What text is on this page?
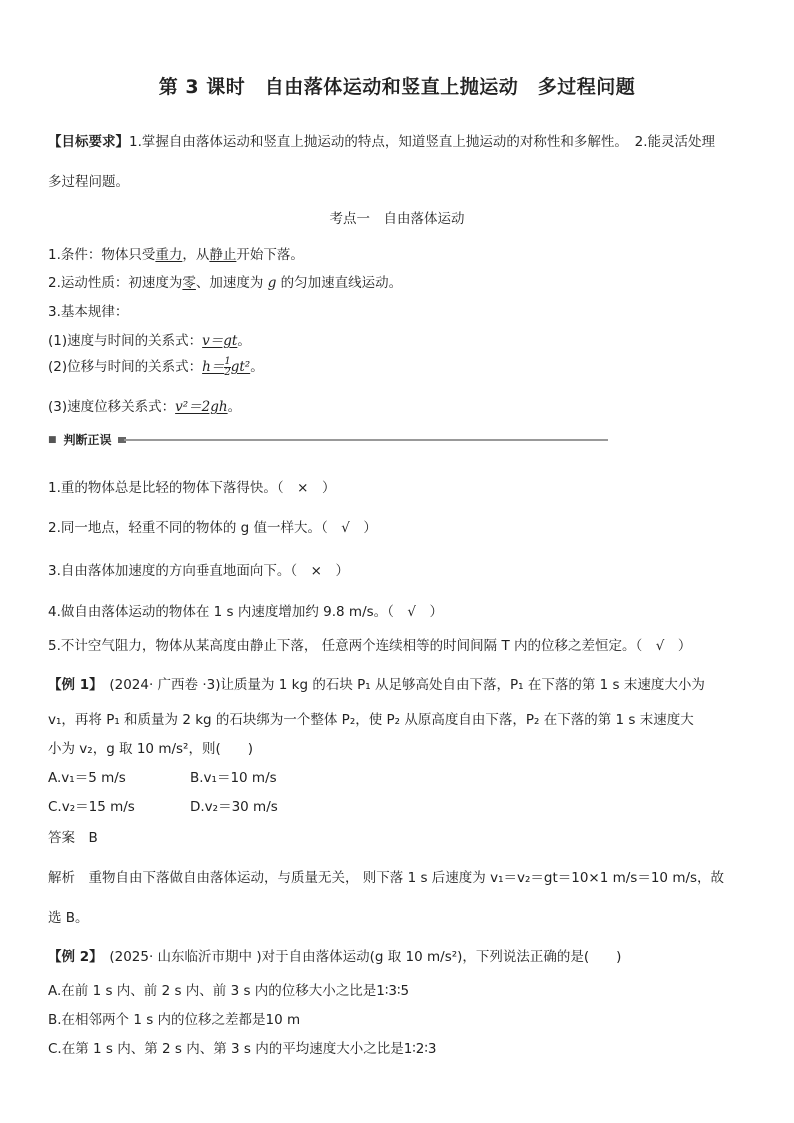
第 3 课时　自由落体运动和竖直上抛运动　多过程问题
【目标要求】1.掌握自由落体运动和竖直上抛运动的特点，知道竖直上抛运动的对称性和多解性。　2.能灵活处理
多过程问题。
考点一　自由落体运动
1.条件：物体只受重力，从静止开始下落。
2.运动性质：初速度为零、加速度为 g 的匀加速直线运动。
3.基本规律：
(1)速度与时间的关系式：v＝gt。
(2)位移与时间的关系式：$h= \frac{1}{2} gt^2$。
(3)速度位移关系式：v²＝2gh。
■ 判断正误
1.重的物体总是比轻的物体下落得快。（　×　）
2.同一地点，轻重不同的物体的 g 值一样大。（　√　）
3.自由落体加速度的方向垂直地面向下。（　×　）
4.做自由落体运动的物体在 1 s 内速度增加约 9.8 m/s。（　√　）
5.不计空气阻力，物体从某高度由静止下落， 任意两个连续相等的时间间隔 T 内的位移之差恒定。（　√　）
【例 1】　 (2024· 广西卷 ·3)让质量为 1 kg 的石块 P₁ 从足够高处自由下落，P₁ 在下落的第 1 s 末速度大小为
v₁，再将 P₁ 和质量为 2 kg 的石块绑为一个整体 P₂，使 P₂ 从原高度自由下落，P₂ 在下落的第 1 s 末速度大
小为 v₂，g 取 10 m/s²，则(　　)
A.v₁＝5 m/s	B.v₁＝10 m/s
C.v₂＝15 m/s	D.v₂＝30 m/s
答案　B
解析　重物自由下落做自由落体运动，与质量无关， 则下落 1 s 后速度为 v₁＝v₂＝gt＝10×1 m/s＝10 m/s，故
选 B。
【例 2】　 (2025· 山东临沂市期中 )对于自由落体运动(g 取 10 m/s²)，下列说法正确的是(　　)
A.在前 1 s 内、前 2 s 内、前 3 s 内的位移大小之比是1∶3∶5
B.在相邻两个 1 s 内的位移之差都是10 m
C.在第 1 s 内、第 2 s 内、第 3 s 内的平均速度大小之比是1∶2∶3
